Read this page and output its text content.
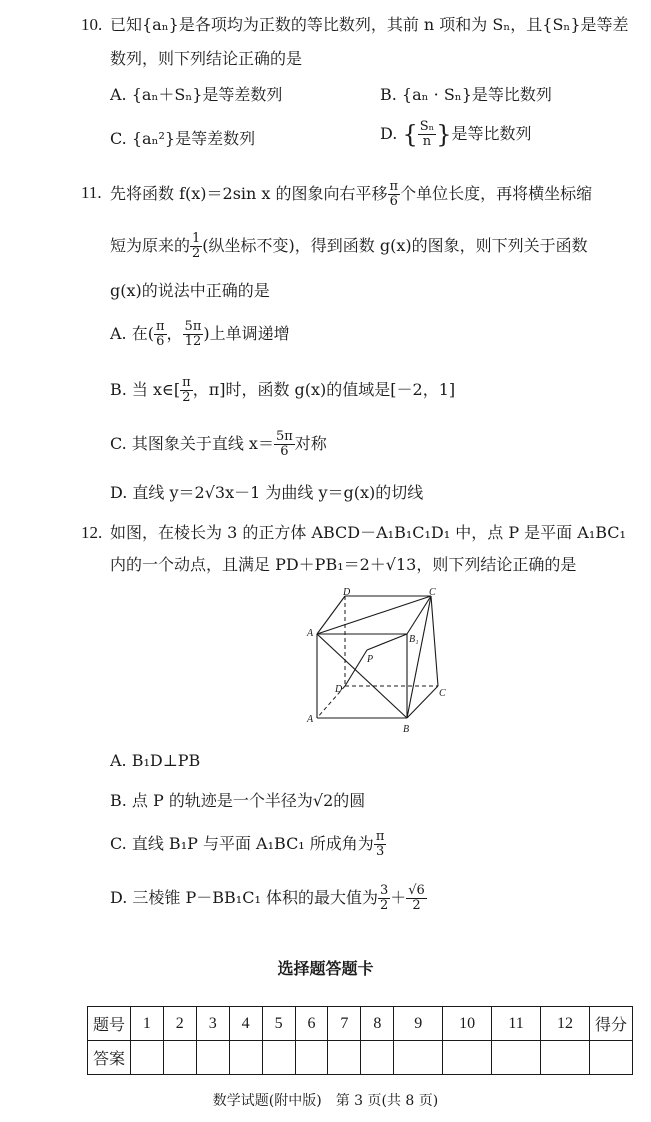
10. 已知{aₙ}是各项均为正数的等比数列，其前 n 项和为 Sₙ，且{Sₙ}是等差
数列，则下列结论正确的是
A. {aₙ＋Sₙ}是等差数列	B. {aₙ · Sₙ}是等比数列
C. {aₙ²}是等差数列	D. { $\frac{\text{Sₙ}}{n}$ }是等比数列
11. 先将函数 f(x)＝2sin x 的图象向右平移 $\frac{\pi}{6}$ 个单位长度，再将横坐标缩
短为原来的 $\frac{1}{2}$ (纵坐标不变)，得到函数 g(x)的图象，则下列关于函数
g(x)的说法中正确的是
A. 在( $\frac{\pi}{6}$ ， $\frac{5\pi}{12}$ )上单调递增
B. 当 x∈[ $\frac{\pi}{2}$ ，π]时，函数 g(x)的值域是[－2，1]
C. 其图象关于直线 $x= \frac{5\pi}{6}$ 对称
D. 直线 y＝2√3x－1 为曲线 y＝g(x)的切线
12. 如图，在棱长为 3 的正方体 ABCD－A₁B₁C₁D₁ 中，点 P 是平面 A₁BC₁
内的一个动点，且满足 PD＋PB₁＝2＋√13，则下列结论正确的是
D	C
A
B₁
P
D	C
A
B
A. B₁D⊥PB
B. 点 P 的轨迹是一个半径为√2的圆
C. 直线 B₁P 与平面 A₁BC₁ 所成角为 $\frac{\pi}{3}$
D. 三棱锥 P－BB₁C₁ 体积的最大值为 $\frac{3}{2} + \frac{√6}{2}$
选择题答题卡
题号	1	2	3	4	5	6	7	8	9	10	11	12	得分
答案													
数学试题(附中版)　第 3 页(共 8 页)
